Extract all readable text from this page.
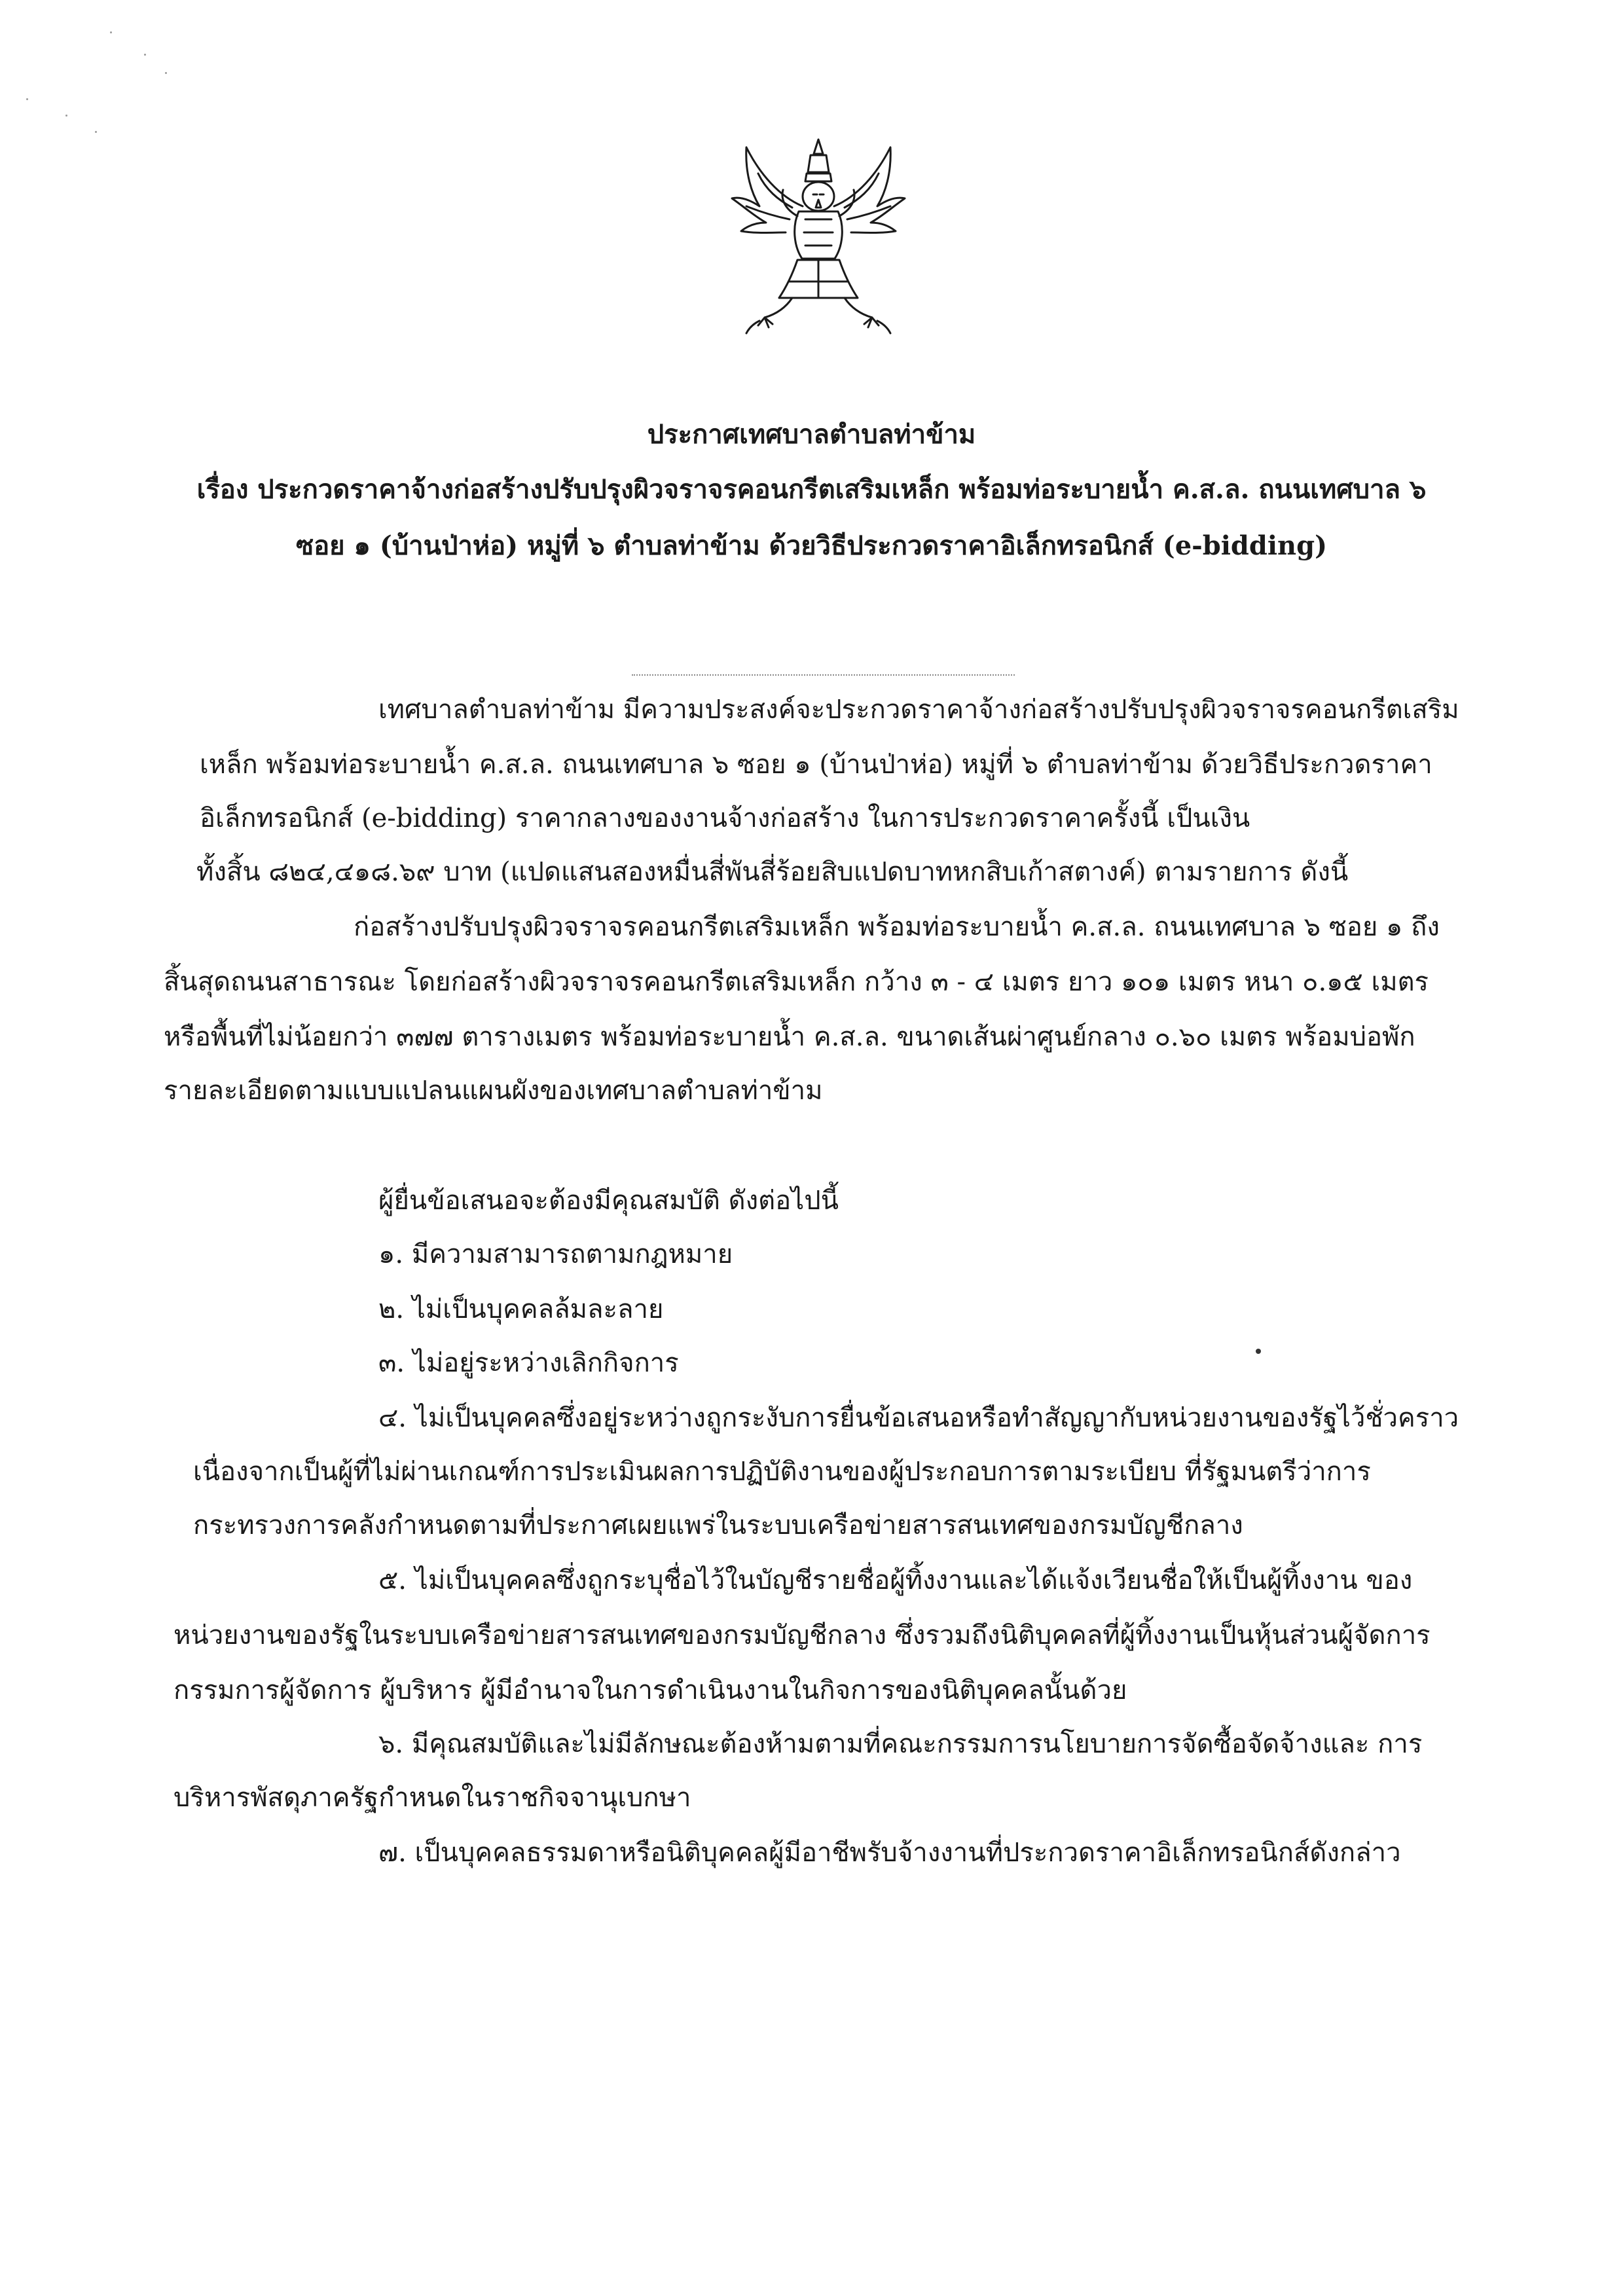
ประกาศเทศบาลตำบลท่าข้าม
เรื่อง ประกวดราคาจ้างก่อสร้างปรับปรุงผิวจราจรคอนกรีตเสริมเหล็ก พร้อมท่อระบายน้ำ ค.ส.ล. ถนนเทศบาล ๖
ซอย ๑ (บ้านป่าห่อ) หมู่ที่ ๖ ตำบลท่าข้าม ด้วยวิธีประกวดราคาอิเล็กทรอนิกส์ (e-bidding)
เทศบาลตำบลท่าข้าม มีความประสงค์จะประกวดราคาจ้างก่อสร้างปรับปรุงผิวจราจรคอนกรีตเสริม
เหล็ก พร้อมท่อระบายน้ำ ค.ส.ล. ถนนเทศบาล ๖ ซอย ๑ (บ้านป่าห่อ) หมู่ที่ ๖ ตำบลท่าข้าม ด้วยวิธีประกวดราคา
อิเล็กทรอนิกส์ (e-bidding) ราคากลางของงานจ้างก่อสร้าง ในการประกวดราคาครั้งนี้ เป็นเงิน
ทั้งสิ้น ๘๒๔,๔๑๘.๖๙ บาท (แปดแสนสองหมื่นสี่พันสี่ร้อยสิบแปดบาทหกสิบเก้าสตางค์) ตามรายการ ดังนี้
ก่อสร้างปรับปรุงผิวจราจรคอนกรีตเสริมเหล็ก พร้อมท่อระบายน้ำ ค.ส.ล. ถนนเทศบาล ๖ ซอย ๑ ถึง
สิ้นสุดถนนสาธารณะ โดยก่อสร้างผิวจราจรคอนกรีตเสริมเหล็ก กว้าง ๓ - ๔ เมตร ยาว ๑๐๑ เมตร หนา ๐.๑๕ เมตร
หรือพื้นที่ไม่น้อยกว่า ๓๗๗ ตารางเมตร พร้อมท่อระบายน้ำ ค.ส.ล. ขนาดเส้นผ่าศูนย์กลาง ๐.๖๐ เมตร พร้อมบ่อพัก
รายละเอียดตามแบบแปลนแผนผังของเทศบาลตำบลท่าข้าม
ผู้ยื่นข้อเสนอจะต้องมีคุณสมบัติ ดังต่อไปนี้
๑. มีความสามารถตามกฎหมาย
๒. ไม่เป็นบุคคลล้มละลาย
๓. ไม่อยู่ระหว่างเลิกกิจการ
๔. ไม่เป็นบุคคลซึ่งอยู่ระหว่างถูกระงับการยื่นข้อเสนอหรือทำสัญญากับหน่วยงานของรัฐไว้ชั่วคราว
เนื่องจากเป็นผู้ที่ไม่ผ่านเกณฑ์การประเมินผลการปฏิบัติงานของผู้ประกอบการตามระเบียบ ที่รัฐมนตรีว่าการ
กระทรวงการคลังกำหนดตามที่ประกาศเผยแพร่ในระบบเครือข่ายสารสนเทศของกรมบัญชีกลาง
๕. ไม่เป็นบุคคลซึ่งถูกระบุชื่อไว้ในบัญชีรายชื่อผู้ทิ้งงานและได้แจ้งเวียนชื่อให้เป็นผู้ทิ้งงาน ของ
หน่วยงานของรัฐในระบบเครือข่ายสารสนเทศของกรมบัญชีกลาง ซึ่งรวมถึงนิติบุคคลที่ผู้ทิ้งงานเป็นหุ้นส่วนผู้จัดการ
กรรมการผู้จัดการ ผู้บริหาร ผู้มีอำนาจในการดำเนินงานในกิจการของนิติบุคคลนั้นด้วย
๖. มีคุณสมบัติและไม่มีลักษณะต้องห้ามตามที่คณะกรรมการนโยบายการจัดซื้อจัดจ้างและ การ
บริหารพัสดุภาครัฐกำหนดในราชกิจจานุเบกษา
๗. เป็นบุคคลธรรมดาหรือนิติบุคคลผู้มีอาชีพรับจ้างงานที่ประกวดราคาอิเล็กทรอนิกส์ดังกล่าว
